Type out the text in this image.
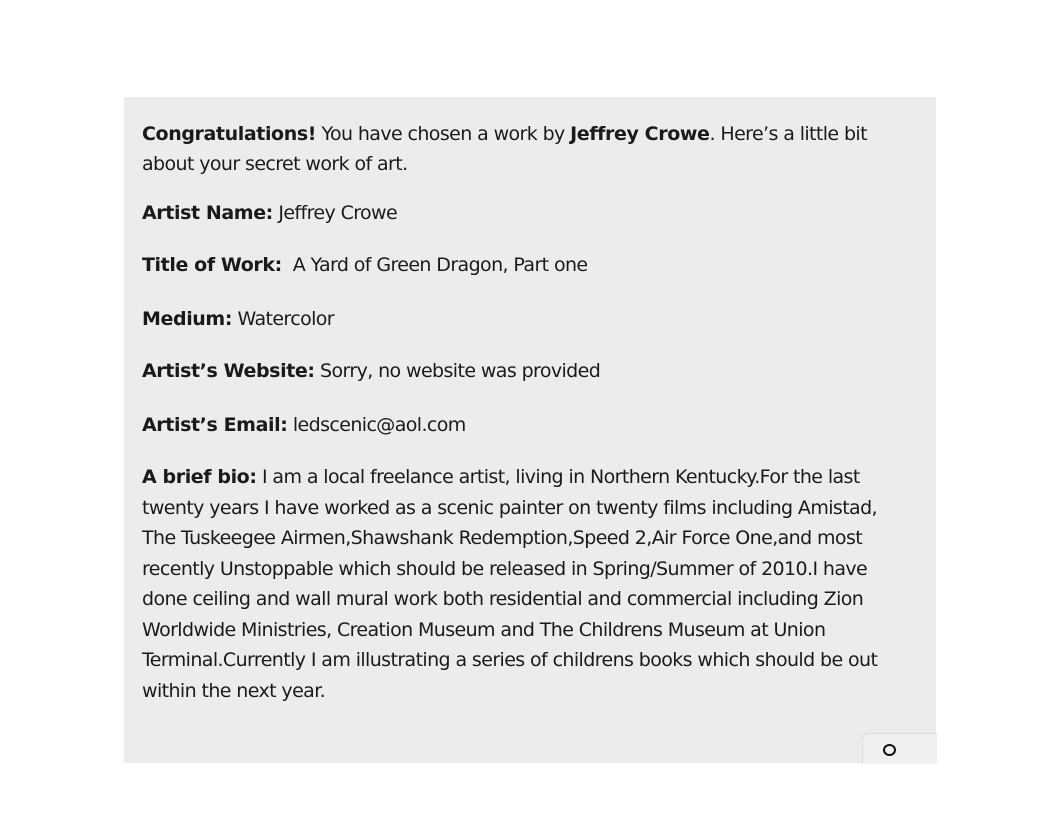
Congratulations! You have chosen a work by Jeffrey Crowe. Here’s a little bit about your secret work of art.

Artist Name: Jeffrey Crowe

Title of Work:  A Yard of Green Dragon, Part one

Medium: Watercolor

Artist’s Website: Sorry, no website was provided

Artist’s Email: ledscenic@aol.com

A brief bio: I am a local freelance artist, living in Northern Kentucky.For the last twenty years I have worked as a scenic painter on twenty films including Amistad, The Tuskeegee Airmen,Shawshank Redemption,Speed 2,Air Force One,and most recently Unstoppable which should be released in Spring/Summer of 2010.I have done ceiling and wall mural work both residential and commercial including Zion Worldwide Ministries, Creation Museum and The Childrens Museum at Union Terminal.Currently I am illustrating a series of childrens books which should be out within the next year.
